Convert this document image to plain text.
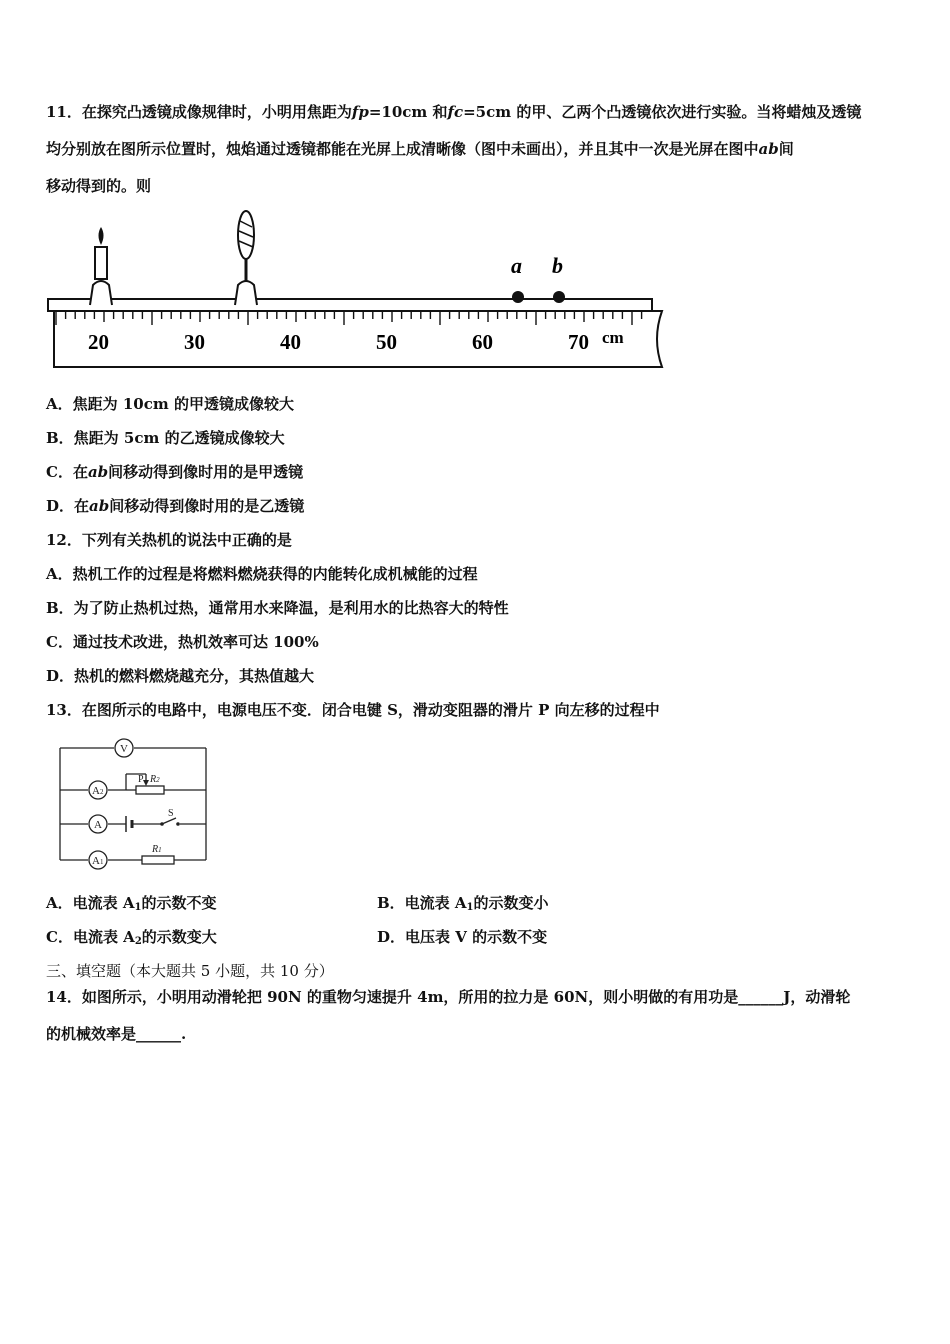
11．在探究凸透镜成像规律时，小明用焦距为fp=10cm 和fc=5cm 的甲、乙两个凸透镜依次进行实验。当将蜡烛及透镜
均分别放在图所示位置时，烛焰通过透镜都能在光屏上成清晰像（图中未画出），并且其中一次是光屏在图中ab间
移动得到的。则
a b
20	30	40	50	60	70 cm
A．焦距为 10cm 的甲透镜成像较大
B．焦距为 5cm 的乙透镜成像较大
C．在ab间移动得到像时用的是甲透镜
D．在ab间移动得到像时用的是乙透镜
12．下列有关热机的说法中正确的是
A．热机工作的过程是将燃料燃烧获得的内能转化成机械能的过程
B．为了防止热机过热，通常用水来降温，是利用水的比热容大的特性
C．通过技术改进，热机效率可达 100%
D．热机的燃料燃烧越充分，其热值越大
13．在图所示的电路中，电源电压不变．闭合电键 S，滑动变阻器的滑片 P 向左移的过程中
V
A2
A
A1
P R2
S
R1
A．电流表 $A_1$的示数不变	B．电流表 $A_1$的示数变小
C．电流表 $A_2$的示数变大	D．电压表 V 的示数不变
三、填空题（本大题共 5 小题，共 10 分）
14．如图所示，小明用动滑轮把 90N 的重物匀速提升 4m，所用的拉力是 60N，则小明做的有用功是______J，动滑轮
的机械效率是______.
